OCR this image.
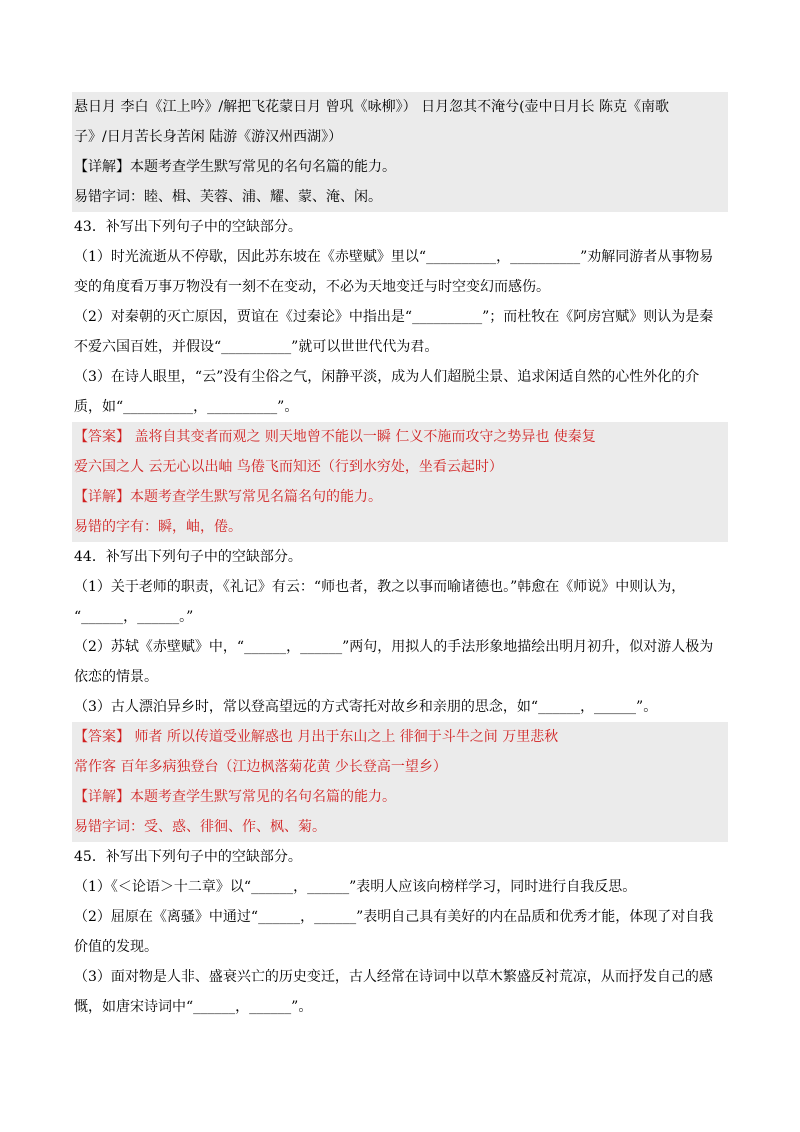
悬日月 李白《江上吟》/解把飞花蒙日月 曾巩《咏柳》） 日月忽其不淹兮(壶中日月长 陈克《南歌
子》/日月苦长身苦闲 陆游《游汉州西湖》）
【详解】本题考查学生默写常见的名句名篇的能力。
易错字词：睦、楫、芙蓉、浦、耀、蒙、淹、闲。
43．补写出下列句子中的空缺部分。
（1）时光流逝从不停歇，因此苏东坡在《赤壁赋》里以“__________，__________”劝解同游者从事物易
变的角度看万事万物没有一刻不在变动，不必为天地变迁与时空变幻而感伤。
（2）对秦朝的灭亡原因，贾谊在《过秦论》中指出是“__________”；而杜牧在《阿房宫赋》则认为是秦
不爱六国百姓，并假设“__________”就可以世世代代为君。
（3）在诗人眼里，“云”没有尘俗之气，闲静平淡，成为人们超脱尘景、追求闲适自然的心性外化的介
质，如“__________，__________”。
【答案】 盖将自其变者而观之 则天地曾不能以一瞬 仁义不施而攻守之势异也 使秦复
爱六国之人 云无心以出岫 鸟倦飞而知还（行到水穷处，坐看云起时）
【详解】本题考查学生默写常见名篇名句的能力。
易错的字有：瞬，岫，倦。
44．补写出下列句子中的空缺部分。
（1）关于老师的职责，《礼记》有云：“师也者，教之以事而喻诸德也。”韩愈在《师说》中则认为，
“______，______。”
（2）苏轼《赤壁赋》中，“______，______”两句，用拟人的手法形象地描绘出明月初升，似对游人极为
依恋的情景。
（3）古人漂泊异乡时，常以登高望远的方式寄托对故乡和亲朋的思念，如“______，______”。
【答案】 师者 所以传道受业解惑也 月出于东山之上 徘徊于斗牛之间 万里悲秋
常作客 百年多病独登台（江边枫落菊花黄 少长登高一望乡）
【详解】本题考查学生默写常见的名句名篇的能力。
易错字词：受、惑、徘徊、作、枫、菊。
45．补写出下列句子中的空缺部分。
（1）《＜论语＞十二章》以“______，______”表明人应该向榜样学习，同时进行自我反思。
（2）屈原在《离骚》中通过“______，______”表明自己具有美好的内在品质和优秀才能，体现了对自我
价值的发现。
（3）面对物是人非、盛衰兴亡的历史变迁，古人经常在诗词中以草木繁盛反衬荒凉，从而抒发自己的感
慨，如唐宋诗词中“______，______”。
